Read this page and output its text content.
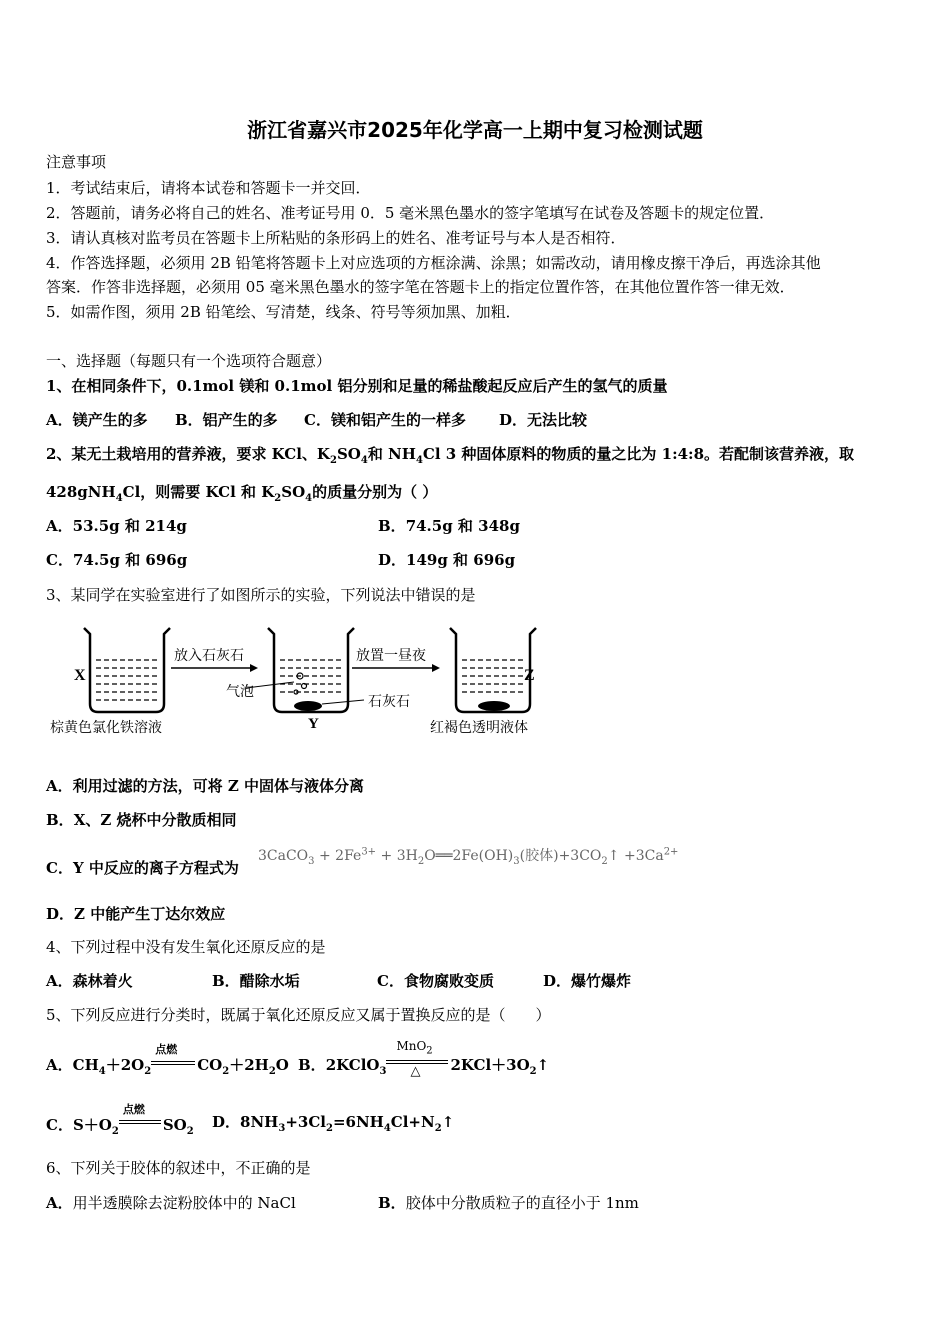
浙江省嘉兴市2025年化学高一上期中复习检测试题
注意事项
1．考试结束后，请将本试卷和答题卡一并交回．
2．答题前，请务必将自己的姓名、准考证号用 0．5 毫米黑色墨水的签字笔填写在试卷及答题卡的规定位置．
3．请认真核对监考员在答题卡上所粘贴的条形码上的姓名、准考证号与本人是否相符．
4．作答选择题，必须用 2B 铅笔将答题卡上对应选项的方框涂满、涂黑；如需改动，请用橡皮擦干净后，再选涂其他
答案．作答非选择题，必须用 05 毫米黑色墨水的签字笔在答题卡上的指定位置作答，在其他位置作答一律无效．
5．如需作图，须用 2B 铅笔绘、写清楚，线条、符号等须加黑、加粗．
一、选择题（每题只有一个选项符合题意）
1、在相同条件下，0.1mol 镁和 0.1mol 铝分别和足量的稀盐酸起反应后产生的氢气的质量
A．镁产生的多 B．铝产生的多 C．镁和铝产生的一样多 D．无法比较
2、某无土栽培用的营养液，要求 KCl、$K_2SO_4$和 $NH_4Cl$ 3 种固体原料的物质的量之比为 1:4:8。若配制该营养液，取
428gNH$_4$Cl，则需要 KCl 和 $K_2SO_4$的质量分别为（ ）
A．53.5g 和 214g	B．74.5g 和 348g
C．74.5g 和 696g	D．149g 和 696g
3、某同学在实验室进行了如图所示的实验，下列说法中错误的是
X
放入石灰石
气泡
Y
放置一昼夜
石灰石
Z
棕黄色氯化铁溶液	红褐色透明液体
A．利用过滤的方法，可将 Z 中固体与液体分离
B．X、Z 烧杯中分散质相同
C．Y 中反应的离子方程式为
3CaCO$_3$ + $2Fe^{3+}$ + $3H_2O══2Fe(OH)_3$(胶体)$+3CO_2↑ +3Ca^{2+}$
D．Z 中能产生丁达尔效应
4、下列过程中没有发生氧化还原反应的是
A．森林着火	B．醋除水垢	C．食物腐败变质	D．爆竹爆炸
5、下列反应进行分类时，既属于氧化还原反应又属于置换反应的是（　　）
A．$CH_4+2O_2$
点燃
$CO_2+2H_2O$ B．2KClO$_3$
MnO$_2$
△ $2KCl+3O_2↑$
C．$S+O_2$
点燃
$SO_2$
D．$8NH_3+3Cl_2=6NH_4Cl+N_2↑$
6、下列关于胶体的叙述中，不正确的是
A．用半透膜除去淀粉胶体中的 NaCl	B．胶体中分散质粒子的直径小于 1nm
